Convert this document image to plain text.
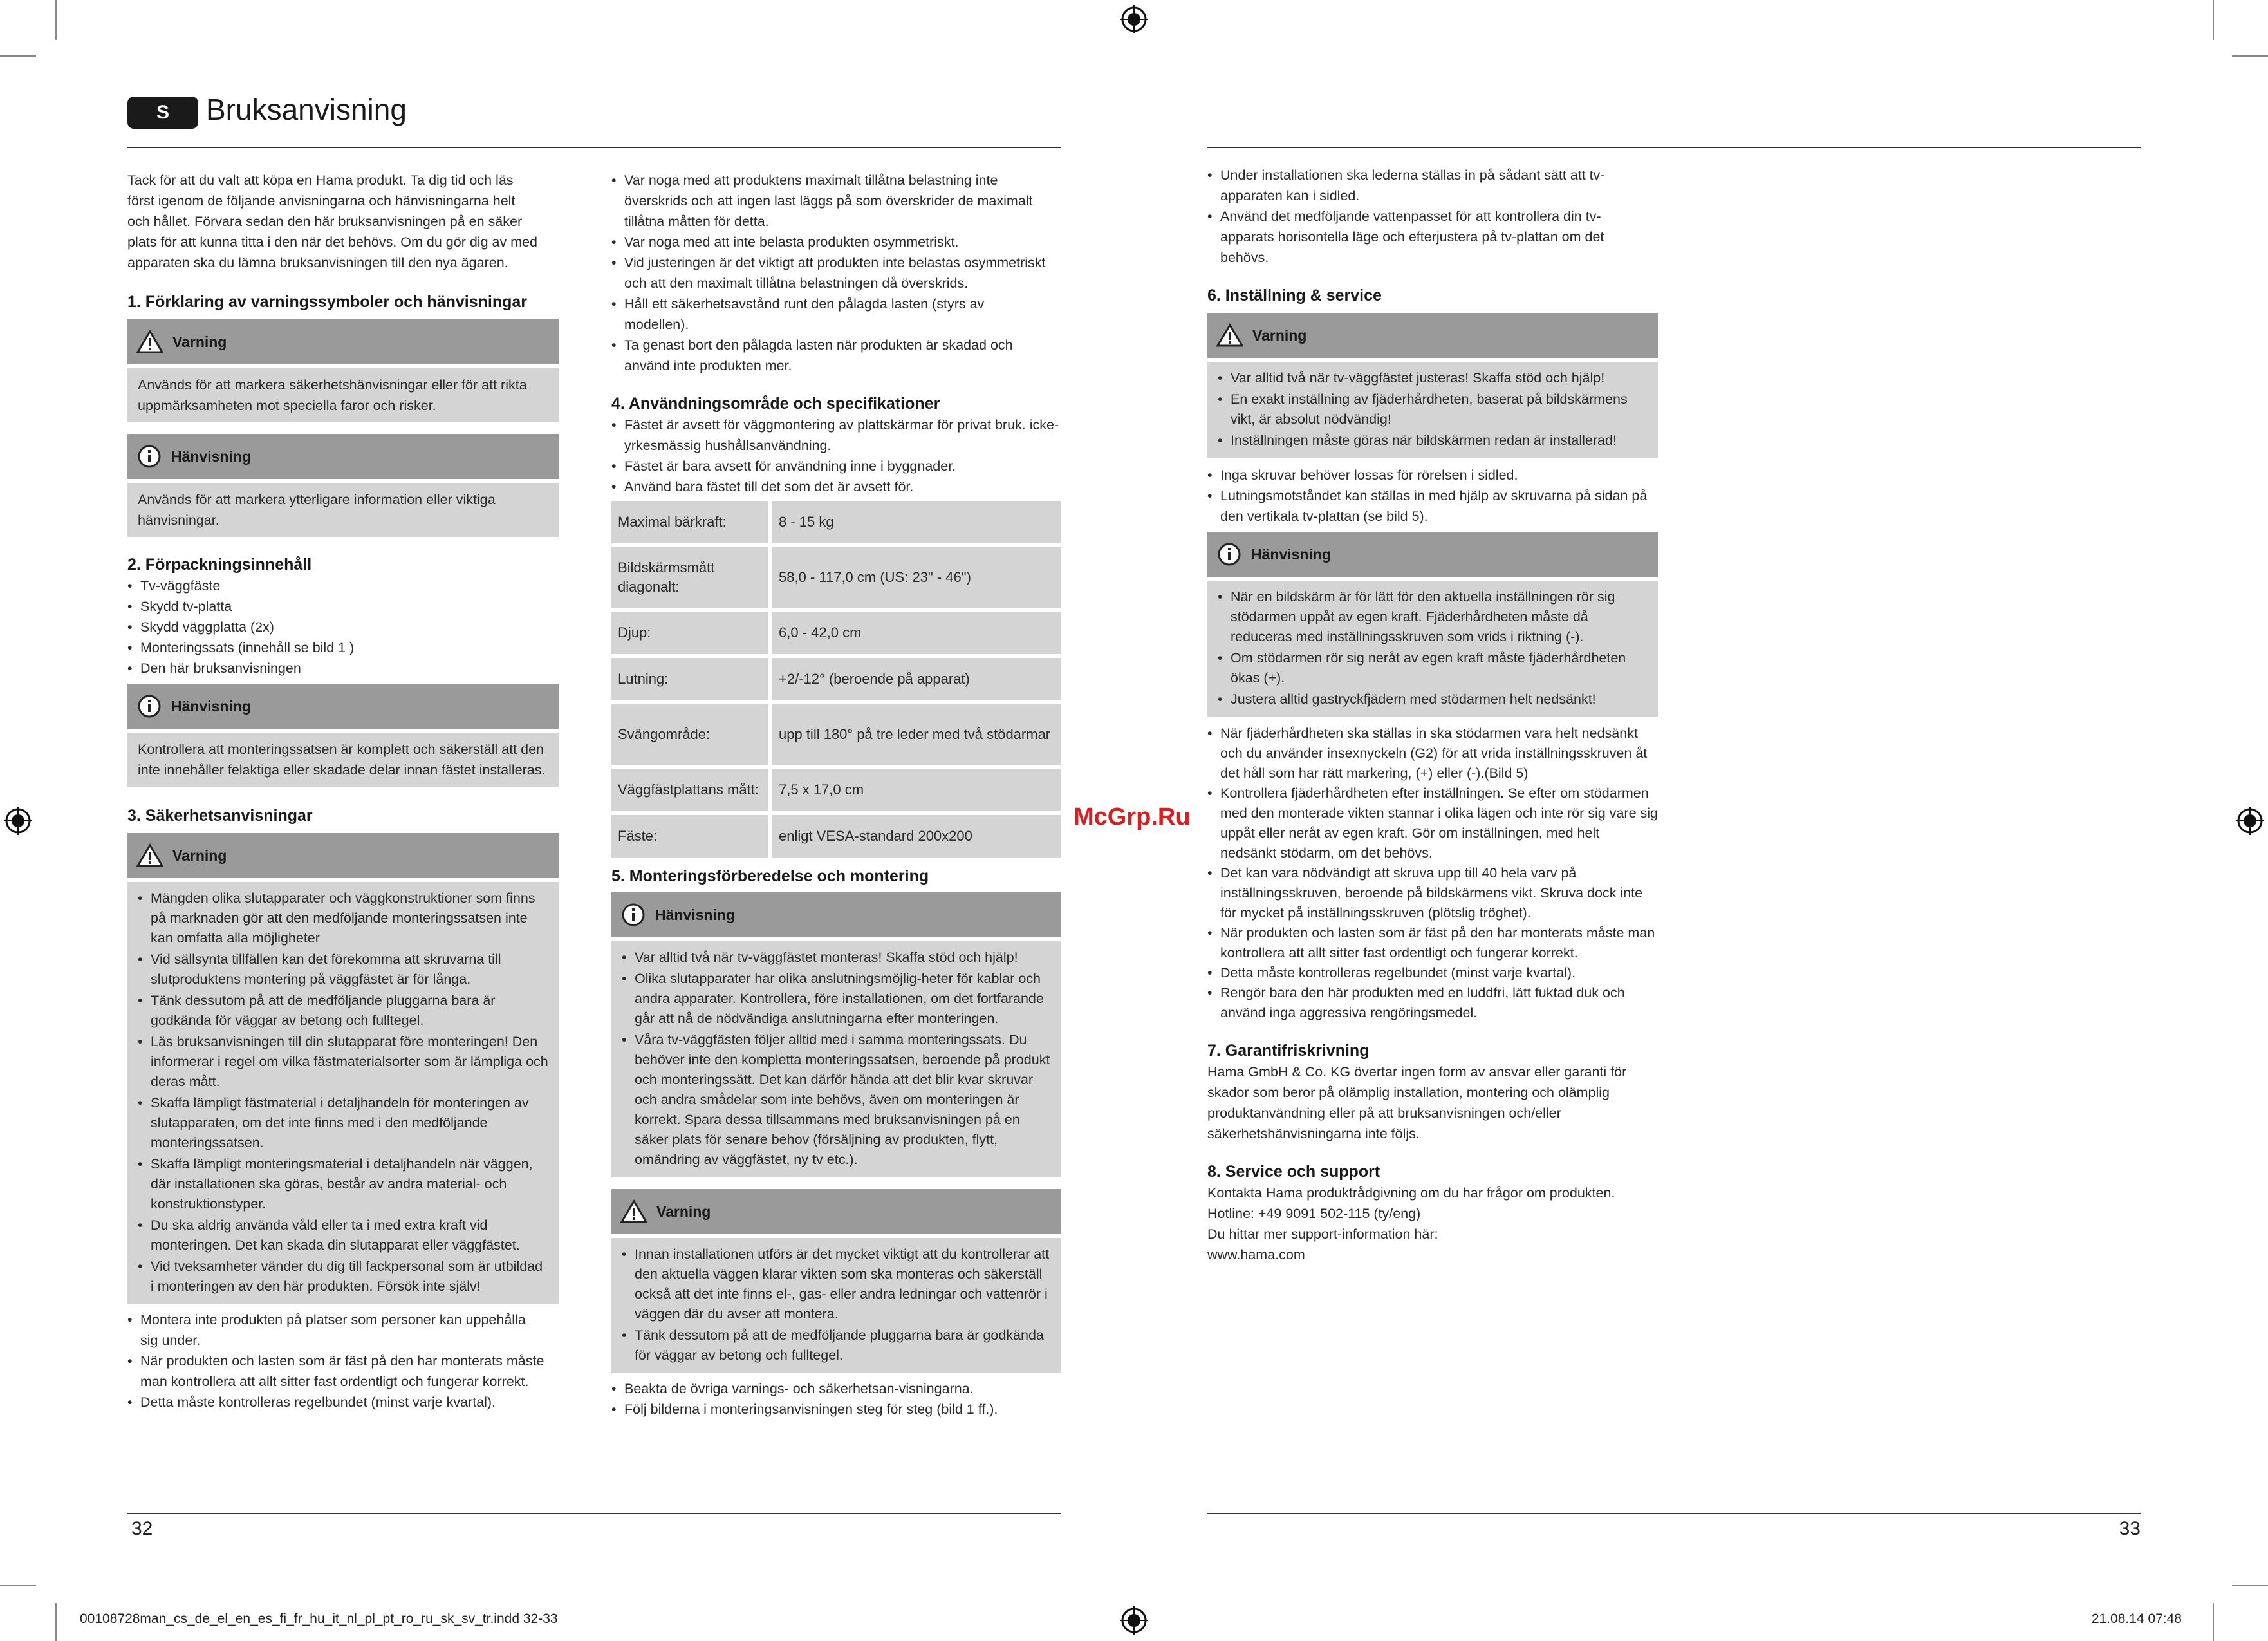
S	Bruksanvisning

Tack för att du valt att köpa en Hama produkt. Ta dig tid och läs först igenom de följande anvisningarna och hänvisningarna helt och hållet. Förvara sedan den här bruksanvisningen på en säker plats för att kunna titta i den när det behövs. Om du gör dig av med apparaten ska du lämna bruksanvisningen till den nya ägaren.

1. Förklaring av varningssymboler och hänvisningar
Varning
Används för att markera säkerhetshänvisningar eller för att rikta uppmärksamheten mot speciella faror och risker.
Hänvisning
Används för att markera ytterligare information eller viktiga hänvisningar.
2. Förpackningsinnehåll
• Tv-väggfäste
• Skydd tv-platta
• Skydd väggplatta (2x)
• Monteringssats (innehåll se bild 1 )
• Den här bruksanvisningen
Hänvisning
Kontrollera att monteringssatsen är komplett och säkerställ att den inte innehåller felaktiga eller skadade delar innan fästet installeras.
3. Säkerhetsanvisningar
Varning
• Mängden olika slutapparater och väggkonstruktioner som finns på marknaden gör att den medföljande monteringssatsen inte kan omfatta alla möjligheter
• Vid sällsynta tillfällen kan det förekomma att skruvarna till slutproduktens montering på väggfästet är för långa.
• Tänk dessutom på att de medföljande pluggarna bara är godkända för väggar av betong och fulltegel.
• Läs bruksanvisningen till din slutapparat före monteringen! Den informerar i regel om vilka fästmaterialsorter som är lämpliga och deras mått.
• Skaffa lämpligt fästmaterial i detaljhandeln för monteringen av slutapparaten, om det inte finns med i den medföljande monteringssatsen.
• Skaffa lämpligt monteringsmaterial i detaljhandeln när väggen, där installationen ska göras, består av andra material- och konstruktionstyper.
• Du ska aldrig använda våld eller ta i med extra kraft vid monteringen. Det kan skada din slutapparat eller väggfästet.
• Vid tveksamheter vänder du dig till fackpersonal som är utbildad i monteringen av den här produkten. Försök inte själv!
• Montera inte produkten på platser som personer kan uppehålla sig under.
• När produkten och lasten som är fäst på den har monterats måste man kontrollera att allt sitter fast ordentligt och fungerar korrekt.
• Detta måste kontrolleras regelbundet (minst varje kvartal).
• Var noga med att produktens maximalt tillåtna belastning inte överskrids och att ingen last läggs på som överskrider de maximalt tillåtna måtten för detta.
• Var noga med att inte belasta produkten osymmetriskt.
• Vid justeringen är det viktigt att produkten inte belastas osymmetriskt och att den maximalt tillåtna belastningen då överskrids.
• Håll ett säkerhetsavstånd runt den pålagda lasten (styrs av modellen).
• Ta genast bort den pålagda lasten när produkten är skadad och använd inte produkten mer.
4. Användningsområde och specifikationer
• Fästet är avsett för väggmontering av plattskärmar för privat bruk. icke-yrkesmässig hushållsanvändning.
• Fästet är bara avsett för användning inne i byggnader.
• Använd bara fästet till det som det är avsett för.
Maximal bärkraft:	8 - 15 kg
Bildskärmsmått diagonalt:	58,0 - 117,0 cm (US: 23" - 46")
Djup:	6,0 - 42,0 cm
Lutning:	+2/-12° (beroende på apparat)
Svängområde:	upp till 180° på tre leder med två stödarmar
Väggfästplattans mått:	7,5 x 17,0 cm
Fäste:	enligt VESA-standard 200x200
5. Monteringsförberedelse och montering
Hänvisning
• Var alltid två när tv-väggfästet monteras! Skaffa stöd och hjälp!
• Olika slutapparater har olika anslutningsmöjlig-heter för kablar och andra apparater. Kontrollera, före installationen, om det fortfarande går att nå de nödvändiga anslutningarna efter monteringen.
• Våra tv-väggfästen följer alltid med i samma monteringssats. Du behöver inte den kompletta monteringssatsen, beroende på produkt och monteringssätt. Det kan därför hända att det blir kvar skruvar och andra smådelar som inte behövs, även om monteringen är korrekt. Spara dessa tillsammans med bruksanvisningen på en säker plats för senare behov (försäljning av produkten, flytt, omändring av väggfästet, ny tv etc.).
Varning
• Innan installationen utförs är det mycket viktigt att du kontrollerar att den aktuella väggen klarar vikten som ska monteras och säkerställ också att det inte finns el-, gas- eller andra ledningar och vattenrör i väggen där du avser att montera.
• Tänk dessutom på att de medföljande pluggarna bara är godkända för väggar av betong och fulltegel.
• Beakta de övriga varnings- och säkerhetsan-visningarna.
• Följ bilderna i monteringsanvisningen steg för steg (bild 1 ff.).
McGrp.Ru
• Under installationen ska lederna ställas in på sådant sätt att tv-apparaten kan i sidled.
• Använd det medföljande vattenpasset för att kontrollera din tv-apparats horisontella läge och efterjustera på tv-plattan om det behövs.
6. Inställning & service
Varning
• Var alltid två när tv-väggfästet justeras! Skaffa stöd och hjälp!
• En exakt inställning av fjäderhårdheten, baserat på bildskärmens vikt, är absolut nödvändig!
• Inställningen måste göras när bildskärmen redan är installerad!
• Inga skruvar behöver lossas för rörelsen i sidled.
• Lutningsmotståndet kan ställas in med hjälp av skruvarna på sidan på den vertikala tv-plattan (se bild 5).
Hänvisning
• När en bildskärm är för lätt för den aktuella inställningen rör sig stödarmen uppåt av egen kraft. Fjäderhårdheten måste då reduceras med inställningsskruven som vrids i riktning (-).
• Om stödarmen rör sig neråt av egen kraft måste fjäderhårdheten ökas (+).
• Justera alltid gastryckfjädern med stödarmen helt nedsänkt!
• När fjäderhårdheten ska ställas in ska stödarmen vara helt nedsänkt och du använder insexnyckeln (G2) för att vrida inställningsskruven åt det håll som har rätt markering, (+) eller (-).(Bild 5)
• Kontrollera fjäderhårdheten efter inställningen. Se efter om stödarmen med den monterade vikten stannar i olika lägen och inte rör sig vare sig uppåt eller neråt av egen kraft. Gör om inställningen, med helt nedsänkt stödarm, om det behövs.
• Det kan vara nödvändigt att skruva upp till 40 hela varv på inställningsskruven, beroende på bildskärmens vikt. Skruva dock inte för mycket på inställningsskruven (plötslig tröghet).
• När produkten och lasten som är fäst på den har monterats måste man kontrollera att allt sitter fast ordentligt och fungerar korrekt.
• Detta måste kontrolleras regelbundet (minst varje kvartal).
• Rengör bara den här produkten med en luddfri, lätt fuktad duk och använd inga aggressiva rengöringsmedel.
7. Garantifriskrivning

Hama GmbH & Co. KG övertar ingen form av ansvar eller garanti för skador som beror på olämplig installation, montering och olämplig produktanvändning eller på att bruksanvisningen och/eller säkerhetshänvisningarna inte följs.

8. Service och support

Kontakta Hama produktrådgivning om du har frågor om produkten.

Hotline: +49 9091 502-115 (ty/eng)

Du hittar mer support-information här:

www.hama.com

32	33
00108728man_cs_de_el_en_es_fi_fr_hu_it_nl_pl_pt_ro_ru_sk_sv_tr.indd 32-33	21.08.14 07:48
